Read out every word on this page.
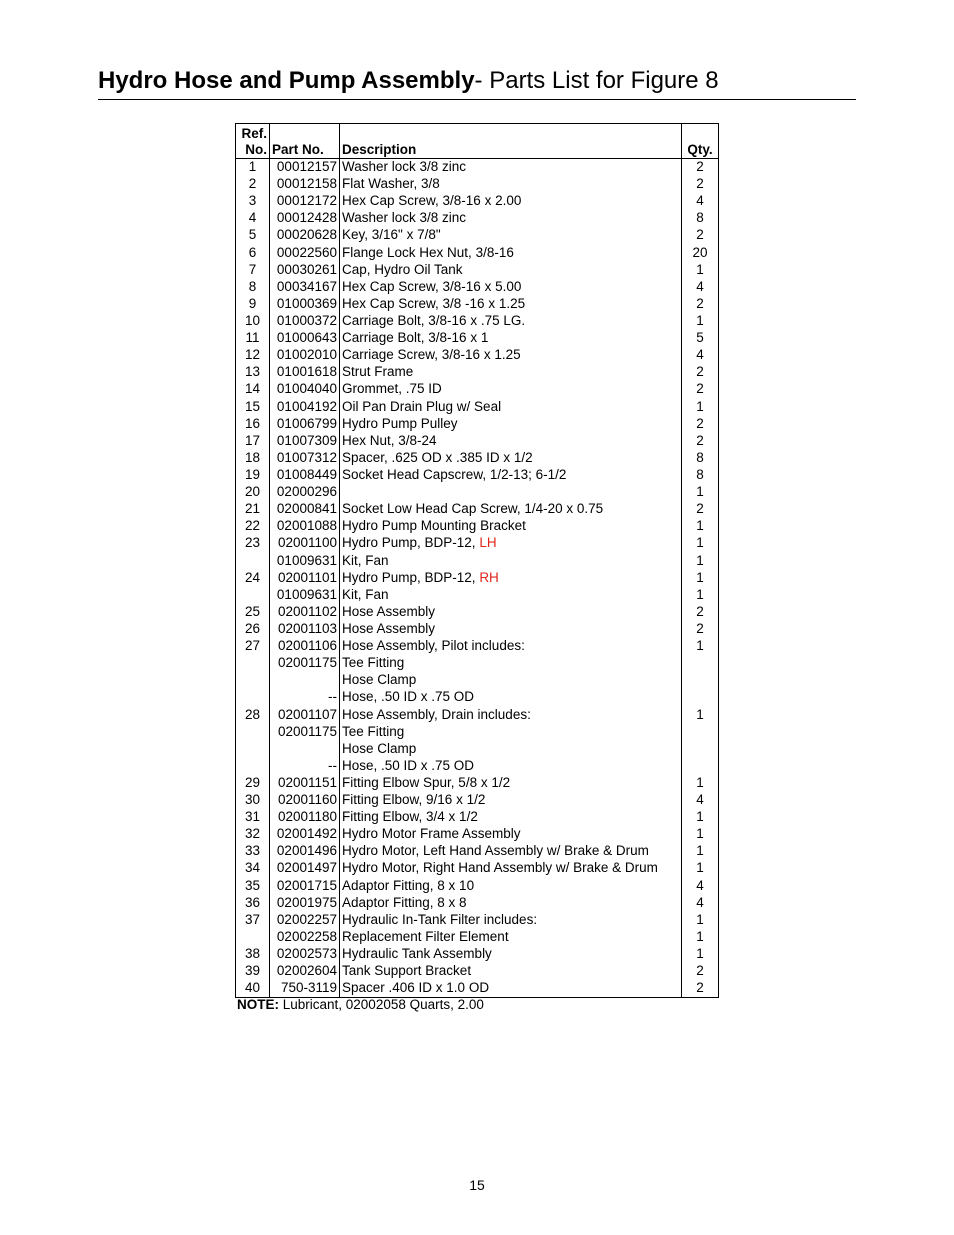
Hydro Hose and Pump Assembly- Parts List for Figure 8
Ref.
No.	Part No.	Description	Qty.
1	00012157	Washer lock 3/8 zinc	2
2	00012158	Flat Washer, 3/8	2
3	00012172	Hex Cap Screw, 3/8-16 x 2.00	4
4	00012428	Washer lock 3/8 zinc	8
5	00020628	Key, 3/16" x 7/8"	2
6	00022560	Flange Lock Hex Nut, 3/8-16	20
7	00030261	Cap, Hydro Oil Tank	1
8	00034167	Hex Cap Screw, 3/8-16 x 5.00	4
9	01000369	Hex Cap Screw, 3/8 -16 x 1.25	2
10	01000372	Carriage Bolt, 3/8-16 x .75 LG.	1
11	01000643	Carriage Bolt, 3/8-16 x 1	5
12	01002010	Carriage Screw, 3/8-16 x 1.25	4
13	01001618	Strut Frame	2
14	01004040	Grommet, .75 ID	2
15	01004192	Oil Pan Drain Plug w/ Seal	1
16	01006799	Hydro Pump Pulley	2
17	01007309	Hex Nut, 3/8-24	2
18	01007312	Spacer, .625 OD x .385 ID x 1/2	8
19	01008449	Socket Head Capscrew, 1/2-13; 6-1/2	8
20	02000296		1
21	02000841	Socket Low Head Cap Screw, 1/4-20 x 0.75	2
22	02001088	Hydro Pump Mounting Bracket	1
23	02001100	Hydro Pump, BDP-12, LH	1
	01009631	Kit, Fan	1
24	02001101	Hydro Pump, BDP-12, RH	1
	01009631	Kit, Fan	1
25	02001102	Hose Assembly	2
26	02001103	Hose Assembly	2
27	02001106	Hose Assembly, Pilot includes:	1
	02001175	Tee Fitting	
		Hose Clamp	
	--	Hose, .50 ID x .75 OD	
28	02001107	Hose Assembly, Drain includes:	1
	02001175	Tee Fitting	
		Hose Clamp	
	--	Hose, .50 ID x .75 OD	
29	02001151	Fitting Elbow Spur, 5/8 x 1/2	1
30	02001160	Fitting Elbow, 9/16 x 1/2	4
31	02001180	Fitting Elbow, 3/4 x 1/2	1
32	02001492	Hydro Motor Frame Assembly	1
33	02001496	Hydro Motor, Left Hand Assembly w/ Brake & Drum	1
34	02001497	Hydro Motor, Right Hand Assembly w/ Brake & Drum	1
35	02001715	Adaptor Fitting, 8 x 10	4
36	02001975	Adaptor Fitting, 8 x 8	4
37	02002257	Hydraulic In-Tank Filter includes:	1
	02002258	Replacement Filter Element	1
38	02002573	Hydraulic Tank Assembly	1
39	02002604	Tank Support Bracket	2
40	750-3119	Spacer .406 ID x 1.0 OD	2
NOTE: Lubricant, 02002058 Quarts, 2.00
15
